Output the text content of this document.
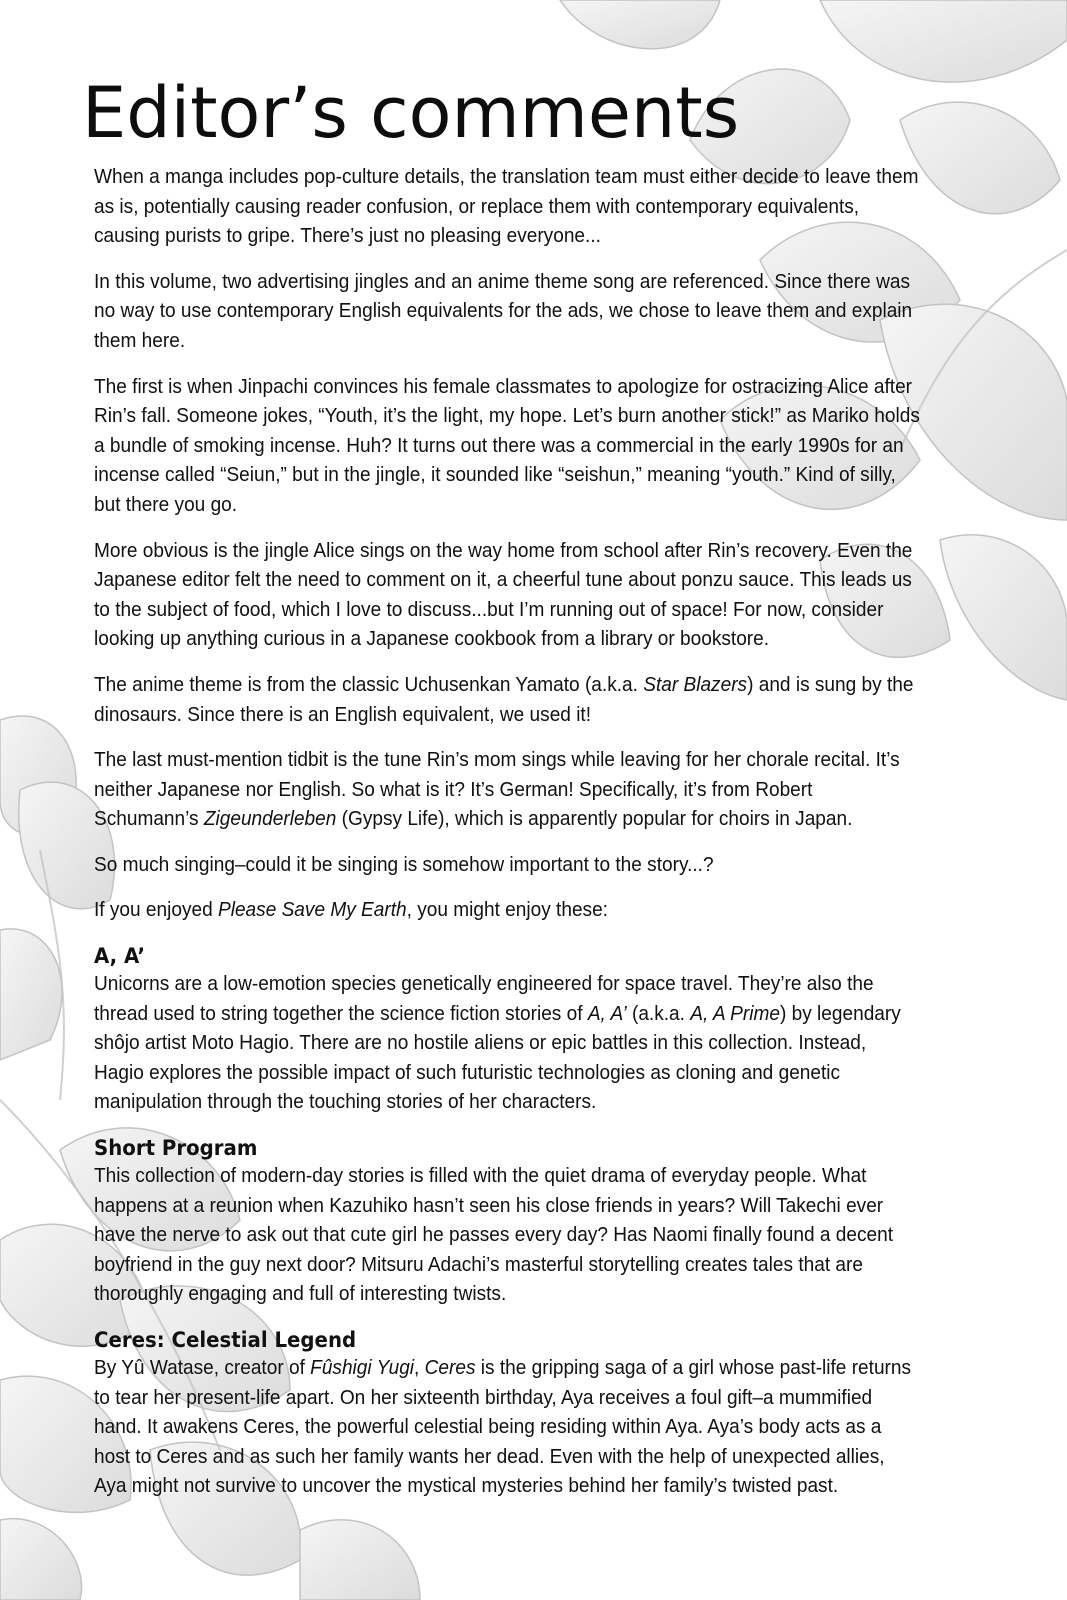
Editor’s comments

When a manga includes pop-culture details, the translation team must either decide to leave them as is, potentially causing reader confusion, or replace them with contemporary equivalents, causing purists to gripe. There’s just no pleasing everyone...

In this volume, two advertising jingles and an anime theme song are referenced. Since there was no way to use contemporary English equivalents for the ads, we chose to leave them and explain them here.

The first is when Jinpachi convinces his female classmates to apologize for ostracizing Alice after Rin’s fall. Someone jokes, “Youth, it’s the light, my hope. Let’s burn another stick!” as Mariko holds a bundle of smoking incense. Huh? It turns out there was a commercial in the early 1990s for an incense called “Seiun,” but in the jingle, it sounded like “seishun,” meaning “youth.” Kind of silly, but there you go.

More obvious is the jingle Alice sings on the way home from school after Rin’s recovery. Even the Japanese editor felt the need to comment on it, a cheerful tune about ponzu sauce. This leads us to the subject of food, which I love to discuss...but I’m running out of space! For now, consider looking up anything curious in a Japanese cookbook from a library or bookstore.

The anime theme is from the classic Uchusenkan Yamato (a.k.a. Star Blazers) and is sung by the dinosaurs. Since there is an English equivalent, we used it!

The last must-mention tidbit is the tune Rin’s mom sings while leaving for her chorale recital. It’s neither Japanese nor English. So what is it? It’s German! Specifically, it’s from Robert Schumann’s Zigeunderleben (Gypsy Life), which is apparently popular for choirs in Japan.

So much singing–could it be singing is somehow important to the story...?

If you enjoyed Please Save My Earth, you might enjoy these:

A, A’

Unicorns are a low-emotion species genetically engineered for space travel. They’re also the thread used to string together the science fiction stories of A, A’ (a.k.a. A, A Prime) by legendary shôjo artist Moto Hagio. There are no hostile aliens or epic battles in this collection. Instead, Hagio explores the possible impact of such futuristic technologies as cloning and genetic manipulation through the touching stories of her characters.

Short Program

This collection of modern-day stories is filled with the quiet drama of everyday people. What happens at a reunion when Kazuhiko hasn’t seen his close friends in years? Will Takechi ever have the nerve to ask out that cute girl he passes every day? Has Naomi finally found a decent boyfriend in the guy next door? Mitsuru Adachi’s masterful storytelling creates tales that are thoroughly engaging and full of interesting twists.

Ceres: Celestial Legend

By Yû Watase, creator of Fûshigi Yugi, Ceres is the gripping saga of a girl whose past-life returns to tear her present-life apart. On her sixteenth birthday, Aya receives a foul gift–a mummified hand. It awakens Ceres, the powerful celestial being residing within Aya. Aya’s body acts as a host to Ceres and as such her family wants her dead. Even with the help of unexpected allies, Aya might not survive to uncover the mystical mysteries behind her family’s twisted past.
